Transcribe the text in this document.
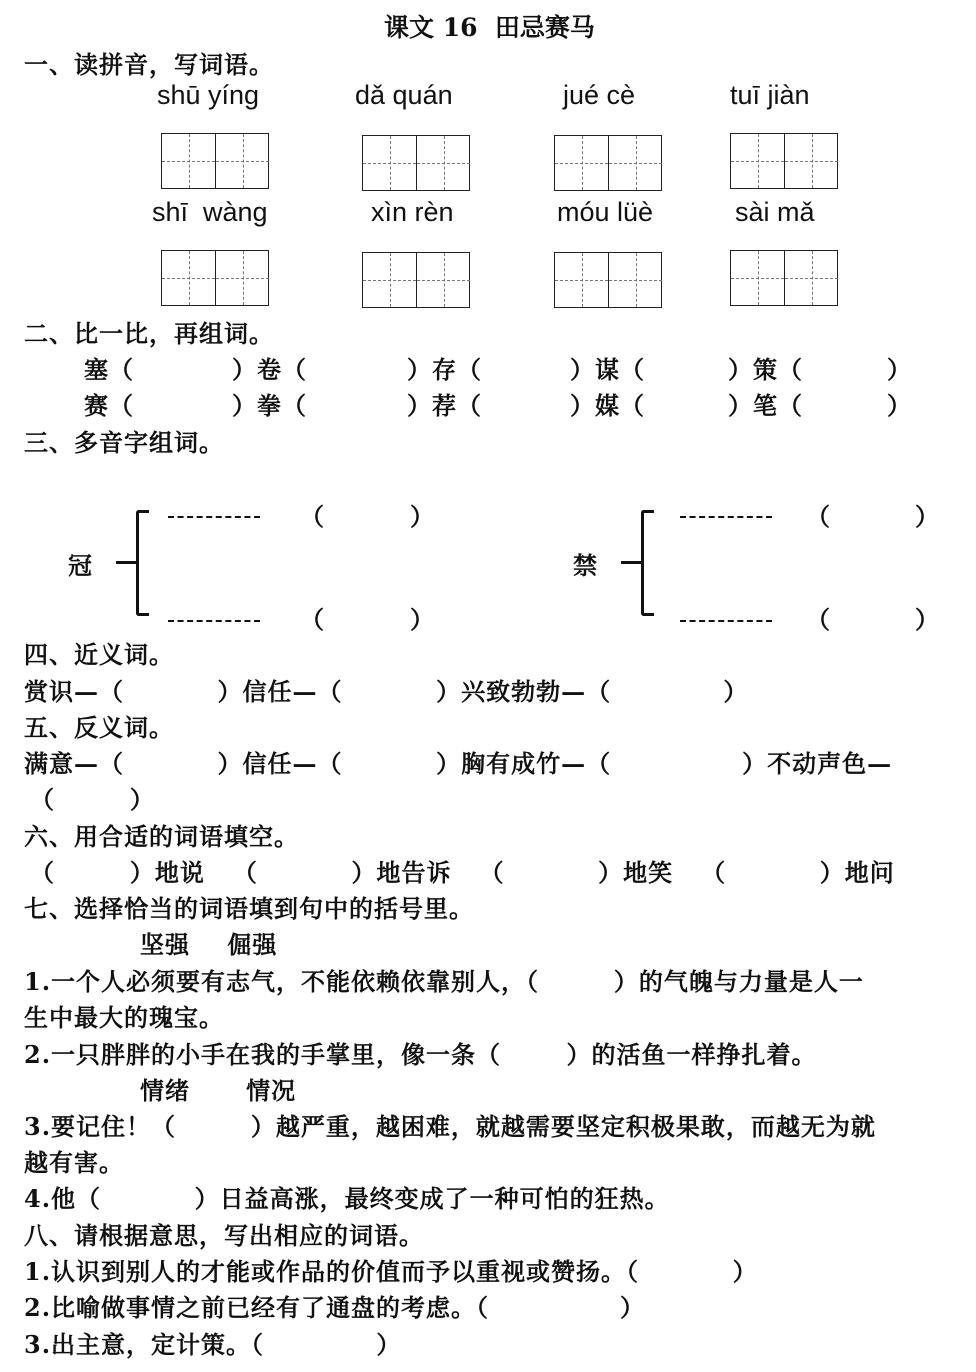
课文 16  田忌赛马
一、读拼音，写词语。
shū yíng	dǎ quán	jué cè	tuī jiàn
shī  wàng	xìn rèn	móu lüè	sài mǎ
二、比一比，再组词。
塞（	）卷（	）存（	）谋（	）策（	）
赛（	）拳（	）荐（	）媒（	）笔（	）
三、多音字组词。
冠
（	）
（	）
禁
（	）
（	）
四、近义词。
赏识—（          ）信任—（          ）兴致勃勃—（            ）
五、反义词。
满意—（          ）信任—（          ）胸有成竹—（              ）不动声色—
（        ）
六、用合适的词语填空。
（        ）地说   （          ）地告诉   （          ）地笑   （          ）地问
七、选择恰当的词语填到句中的括号里。
坚强    倔强
1.一个人必须要有志气，不能依赖依靠别人，（        ）的气魄与力量是人一
生中最大的瑰宝。
2.一只胖胖的小手在我的手掌里，像一条（       ）的活鱼一样挣扎着。
情绪      情况
3.要记住！（        ）越严重，越困难，就越需要坚定积极果敢，而越无为就
越有害。
4.他（          ）日益高涨，最终变成了一种可怕的狂热。
八、请根据意思，写出相应的词语。
1.认识到别人的才能或作品的价值而予以重视或赞扬。（          ）
2.比喻做事情之前已经有了通盘的考虑。（              ）
3.出主意，定计策。（            ）
